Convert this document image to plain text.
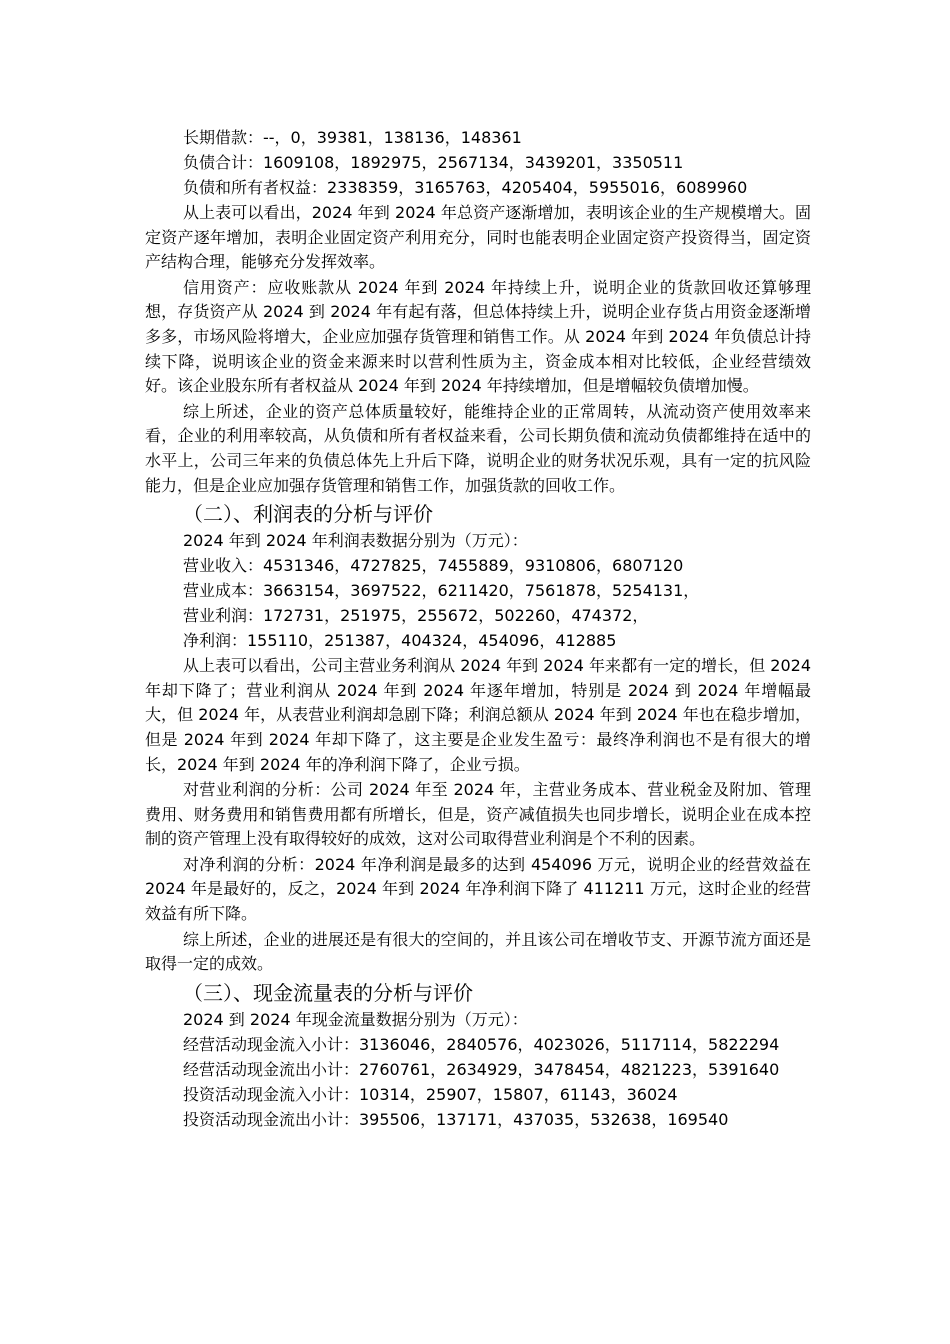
长期借款：--，0，39381，138136，148361
负债合计：1609108，1892975，2567134，3439201，3350511
负债和所有者权益：2338359，3165763，4205404，5955016，6089960

从上表可以看出，2024 年到 2024 年总资产逐渐增加，表明该企业的生产规模增大。固定资产逐年增加，表明企业固定资产利用充分，同时也能表明企业固定资产投资得当，固定资产结构合理，能够充分发挥效率。

信用资产：应收账款从 2024 年到 2024 年持续上升，说明企业的货款回收还算够理想，存货资产从 2024 到 2024 年有起有落，但总体持续上升，说明企业存货占用资金逐渐增多多，市场风险将增大，企业应加强存货管理和销售工作。从 2024 年到 2024 年负债总计持续下降，说明该企业的资金来源来时以营利性质为主，资金成本相对比较低，企业经营绩效好。该企业股东所有者权益从 2024 年到 2024 年持续增加，但是增幅较负债增加慢。

综上所述，企业的资产总体质量较好，能维持企业的正常周转，从流动资产使用效率来看，企业的利用率较高，从负债和所有者权益来看，公司长期负债和流动负债都维持在适中的水平上，公司三年来的负债总体先上升后下降，说明企业的财务状况乐观，具有一定的抗风险能力，但是企业应加强存货管理和销售工作，加强货款的回收工作。

（二）、利润表的分析与评价
2024 年到 2024 年利润表数据分别为（万元）：
营业收入：4531346，4727825，7455889，9310806，6807120
营业成本：3663154，3697522，6211420，7561878，5254131，
营业利润：172731，251975，255672，502260，474372，
净利润：155110，251387，404324，454096，412885

从上表可以看出，公司主营业务利润从 2024 年到 2024 年来都有一定的增长，但 2024 年却下降了；营业利润从 2024 年到 2024 年逐年增加，特别是 2024 到 2024 年增幅最大，但 2024 年，从表营业利润却急剧下降；利润总额从 2024 年到 2024 年也在稳步增加，但是 2024 年到 2024 年却下降了，这主要是企业发生盈亏：最终净利润也不是有很大的增长，2024 年到 2024 年的净利润下降了，企业亏损。

对营业利润的分析：公司 2024 年至 2024 年，主营业务成本、营业税金及附加、管理费用、财务费用和销售费用都有所增长，但是，资产减值损失也同步增长，说明企业在成本控制的资产管理上没有取得较好的成效，这对公司取得营业利润是个不利的因素。

对净利润的分析：2024 年净利润是最多的达到 454096 万元，说明企业的经营效益在 2024 年是最好的，反之，2024 年到 2024 年净利润下降了 411211 万元，这时企业的经营效益有所下降。

综上所述，企业的进展还是有很大的空间的，并且该公司在增收节支、开源节流方面还是取得一定的成效。

（三）、现金流量表的分析与评价
2024 到 2024 年现金流量数据分别为（万元）：
经营活动现金流入小计：3136046，2840576，4023026，5117114，5822294
经营活动现金流出小计：2760761，2634929，3478454，4821223，5391640
投资活动现金流入小计：10314，25907，15807，61143，36024
投资活动现金流出小计：395506，137171，437035，532638，169540
